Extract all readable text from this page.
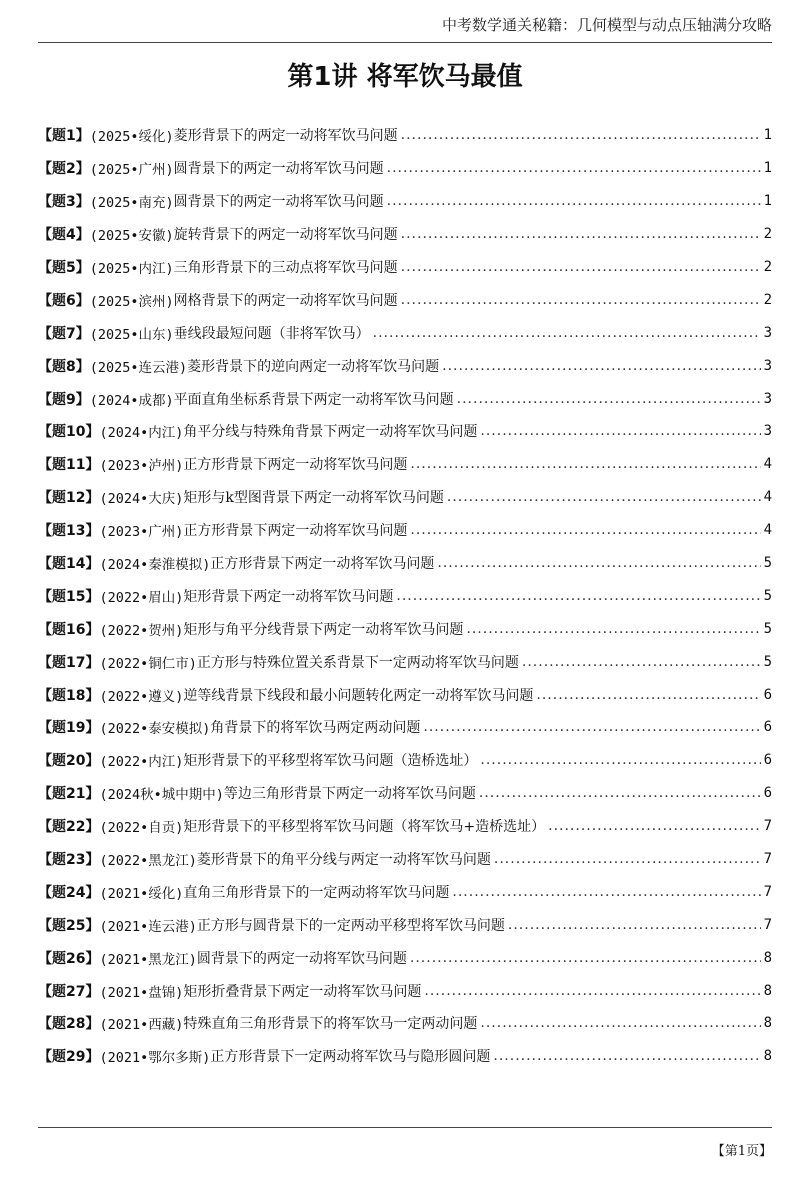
中考数学通关秘籍：几何模型与动点压轴满分攻略
第1讲 将军饮马最值
【题1】 (2025•绥化) 菱形背景下的两定一动将军饮马问题 .....	1
【题2】 (2025•广州) 圆背景下的两定一动将军饮马问题 .....	1
【题3】 (2025•南充) 圆背景下的两定一动将军饮马问题 .....	1
【题4】 (2025•安徽) 旋转背景下的两定一动将军饮马问题 .....	2
【题5】 (2025•内江) 三角形背景下的三动点将军饮马问题 .....	2
【题6】 (2025•滨州) 网格背景下的两定一动将军饮马问题 .....	2
【题7】 (2025•山东) 垂线段最短问题（非将军饮马） .....	3
【题8】 (2025•连云港) 菱形背景下的逆向两定一动将军饮马问题 .....	3
【题9】 (2024•成都) 平面直角坐标系背景下两定一动将军饮马问题 .....	3
【题10】 (2024•内江) 角平分线与特殊角背景下两定一动将军饮马问题 .....	3
【题11】 (2023•泸州) 正方形背景下两定一动将军饮马问题 .....	4
【题12】 (2024•大庆) 矩形与k型图背景下两定一动将军饮马问题 .....	4
【题13】 (2023•广州) 正方形背景下两定一动将军饮马问题 .....	4
【题14】 (2024•秦淮模拟) 正方形背景下两定一动将军饮马问题 .....	5
【题15】 (2022•眉山) 矩形背景下两定一动将军饮马问题 .....	5
【题16】 (2022•贺州) 矩形与角平分线背景下两定一动将军饮马问题 .....	5
【题17】 (2022•铜仁市) 正方形与特殊位置关系背景下一定两动将军饮马问题 .....	5
【题18】 (2022•遵义) 逆等线背景下线段和最小问题转化两定一动将军饮马问题 .....	6
【题19】 (2022•泰安模拟) 角背景下的将军饮马两定两动问题 .....	6
【题20】 (2022•内江) 矩形背景下的平移型将军饮马问题（造桥选址） .....	6
【题21】 (2024秋•城中期中) 等边三角形背景下两定一动将军饮马问题 .....	6
【题22】 (2022•自贡) 矩形背景下的平移型将军饮马问题（将军饮马+造桥选址） .....	7
【题23】 (2022•黑龙江) 菱形背景下的角平分线与两定一动将军饮马问题 .....	7
【题24】 (2021•绥化) 直角三角形背景下的一定两动将军饮马问题 .....	7
【题25】 (2021•连云港) 正方形与圆背景下的一定两动平移型将军饮马问题 .....	7
【题26】 (2021•黑龙江) 圆背景下的两定一动将军饮马问题 .....	8
【题27】 (2021•盘锦) 矩形折叠背景下两定一动将军饮马问题 .....	8
【题28】 (2021•西藏) 特殊直角三角形背景下的将军饮马一定两动问题 .....	8
【题29】 (2021•鄂尔多斯) 正方形背景下一定两动将军饮马与隐形圆问题 .....	8
【第1页】
